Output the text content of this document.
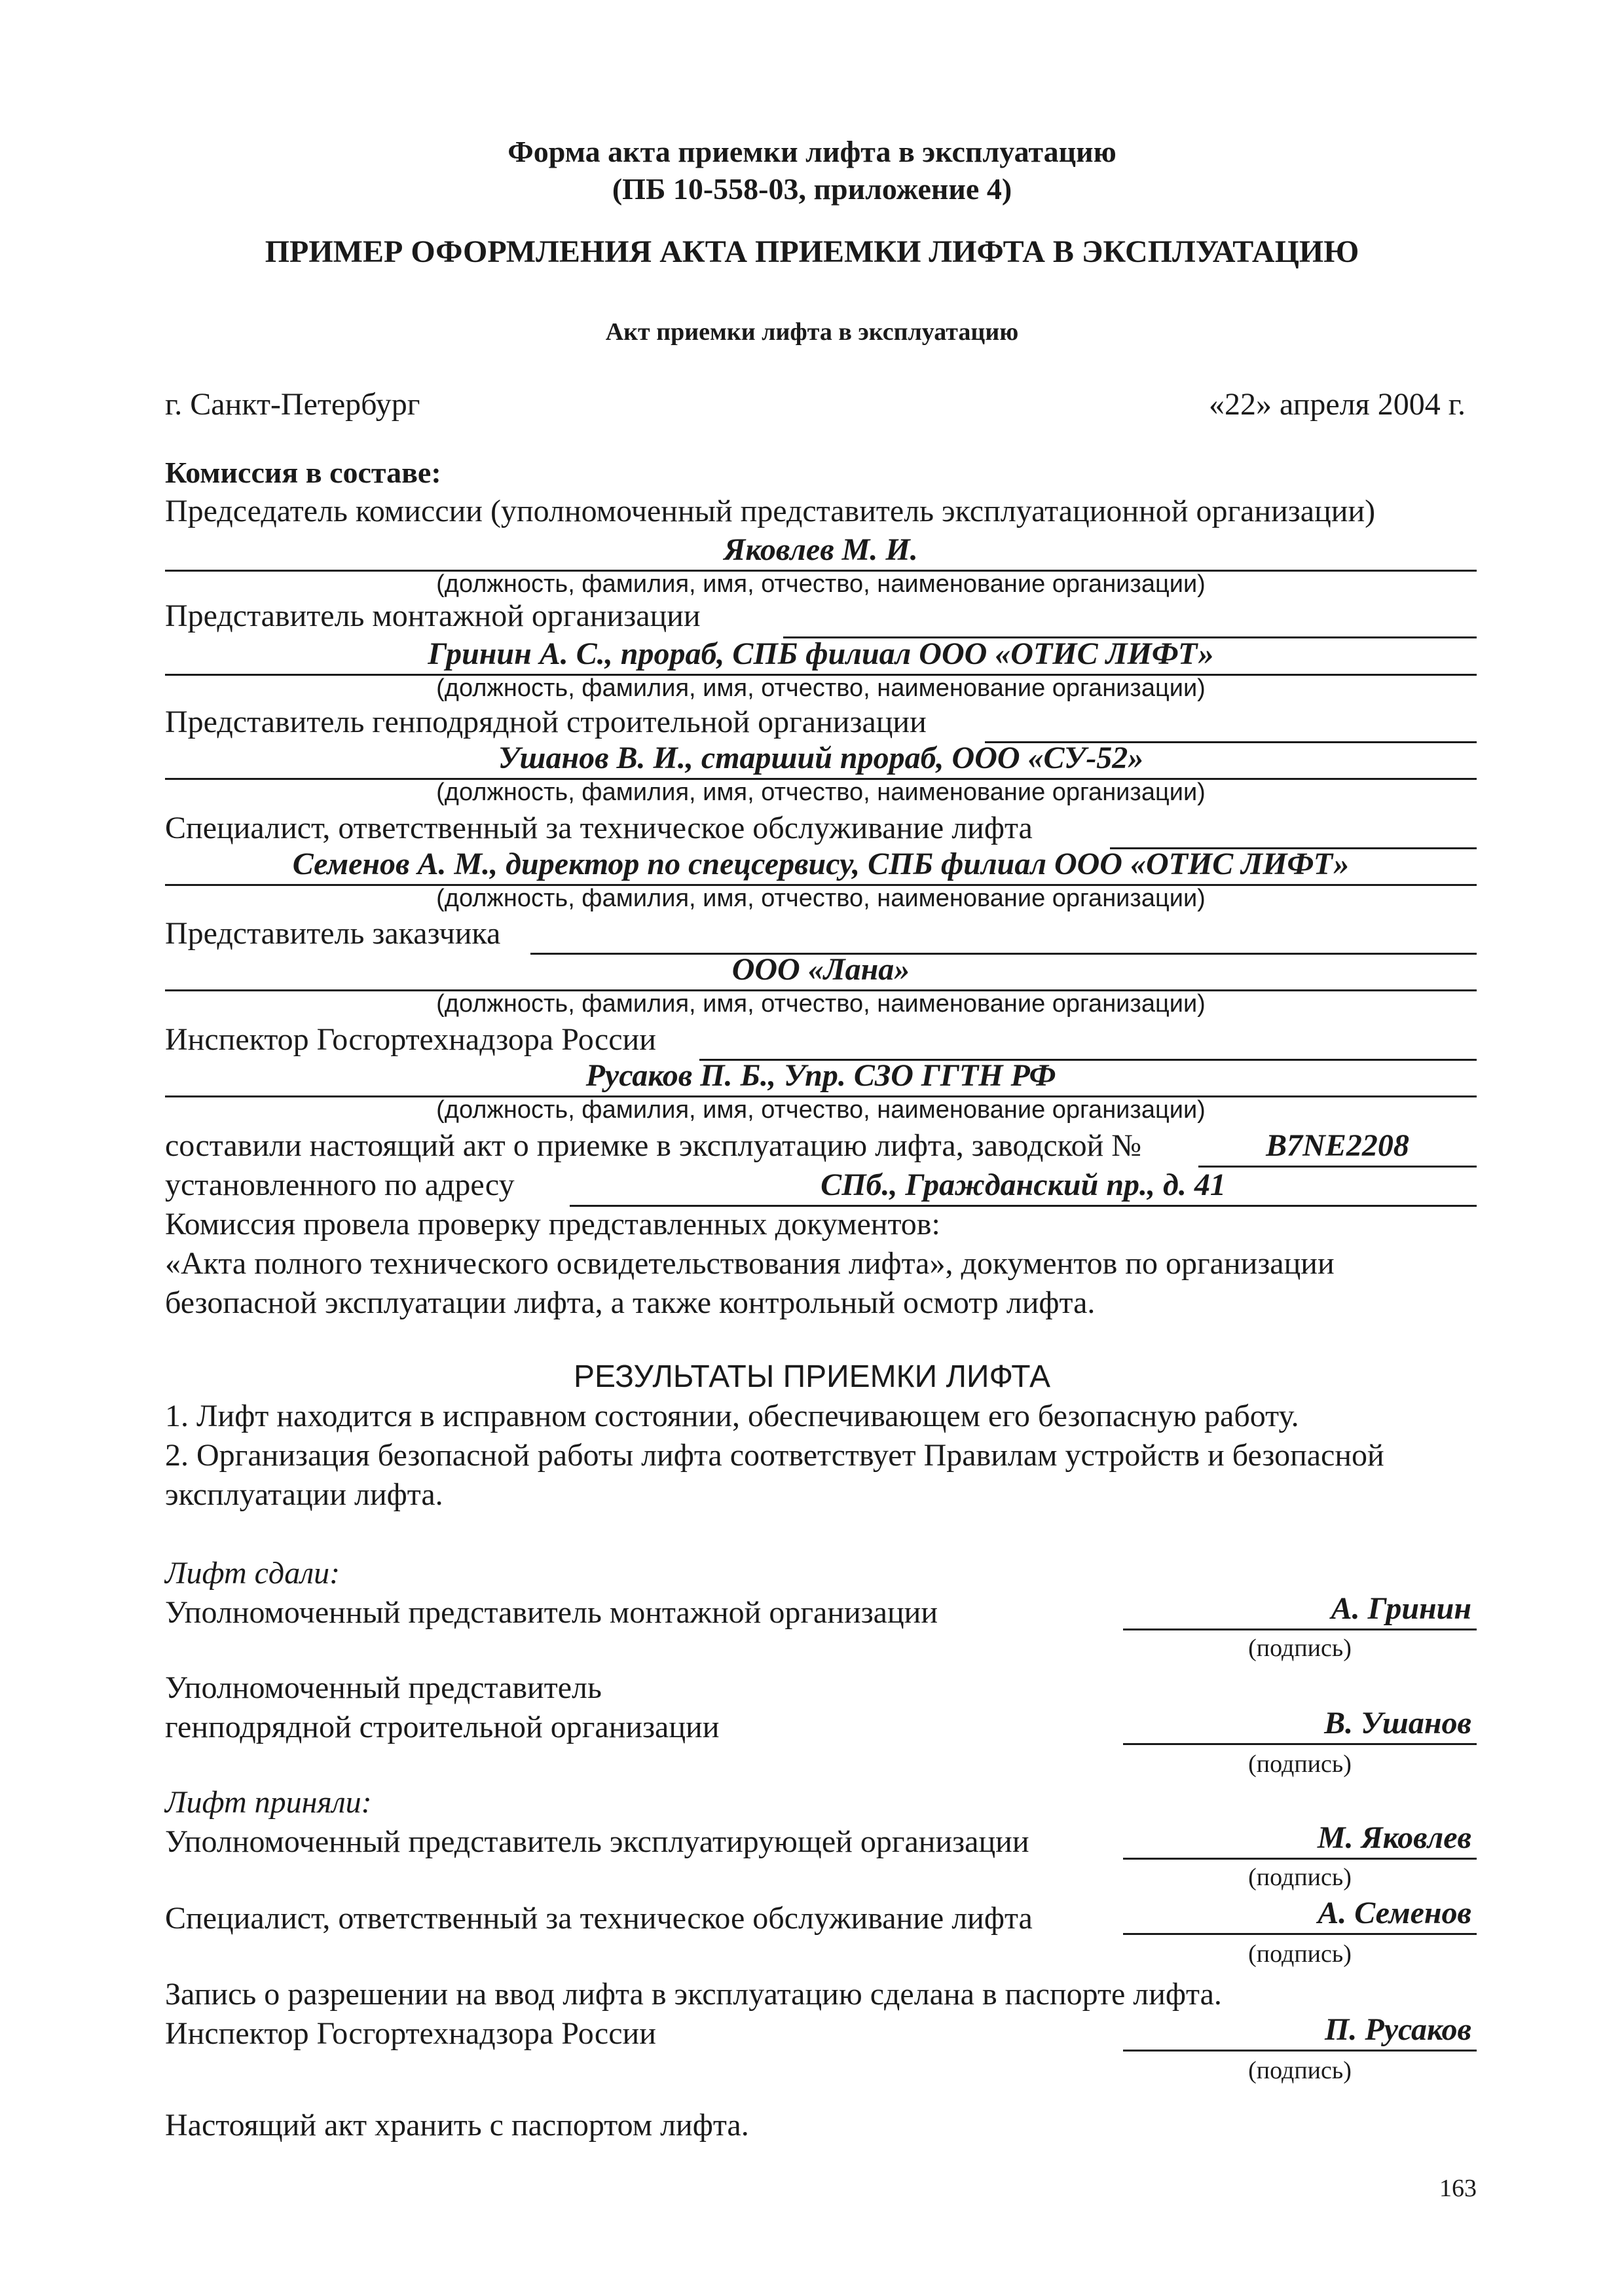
Форма акта приемки лифта в эксплуатацию
(ПБ 10-558-03, приложение 4)
ПРИМЕР ОФОРМЛЕНИЯ АКТА ПРИЕМКИ ЛИФТА В ЭКСПЛУАТАЦИЮ
Акт приемки лифта в эксплуатацию
г. Санкт-Петербург	«22» апреля 2004 г.
Комиссия в составе:
Председатель комиссии (уполномоченный представитель эксплуатационной организации)
Яковлев М. И.
(должность, фамилия, имя, отчество, наименование организации)
Представитель монтажной организации
Гринин А. С., прораб, СПБ филиал ООО «ОТИС ЛИФТ»
(должность, фамилия, имя, отчество, наименование организации)
Представитель генподрядной строительной организации
Ушанов В. И., старший прораб, ООО «СУ-52»
(должность, фамилия, имя, отчество, наименование организации)
Специалист, ответственный за техническое обслуживание лифта
Семенов А. М., директор по спецсервису, СПБ филиал ООО «ОТИС ЛИФТ»
(должность, фамилия, имя, отчество, наименование организации)
Представитель заказчика
ООО «Лана»
(должность, фамилия, имя, отчество, наименование организации)
Инспектор Госгортехнадзора России
Русаков П. Б., Упр. СЗО ГГТН РФ
(должность, фамилия, имя, отчество, наименование организации)
составили настоящий акт о приемке в эксплуатацию лифта, заводской №	B7NE2208
установленного по адресу	СПб., Гражданский пр., д. 41
Комиссия провела проверку представленных документов:
«Акта полного технического освидетельствования лифта», документов по организации
безопасной эксплуатации лифта, а также контрольный осмотр лифта.
РЕЗУЛЬТАТЫ ПРИЕМКИ ЛИФТА
1. Лифт находится в исправном состоянии, обеспечивающем его безопасную работу.
2. Организация безопасной работы лифта соответствует Правилам устройств и безопасной
эксплуатации лифта.
Лифт сдали:
Уполномоченный представитель монтажной организации	А. Гринин
(подпись)
Уполномоченный представитель
генподрядной строительной организации	В. Ушанов
(подпись)
Лифт приняли:
Уполномоченный представитель эксплуатирующей организации	М. Яковлев
(подпись)
Специалист, ответственный за техническое обслуживание лифта	А. Семенов
(подпись)
Запись о разрешении на ввод лифта в эксплуатацию сделана в паспорте лифта.
Инспектор Госгортехнадзора России	П. Русаков
(подпись)
Настоящий акт хранить с паспортом лифта.
163
